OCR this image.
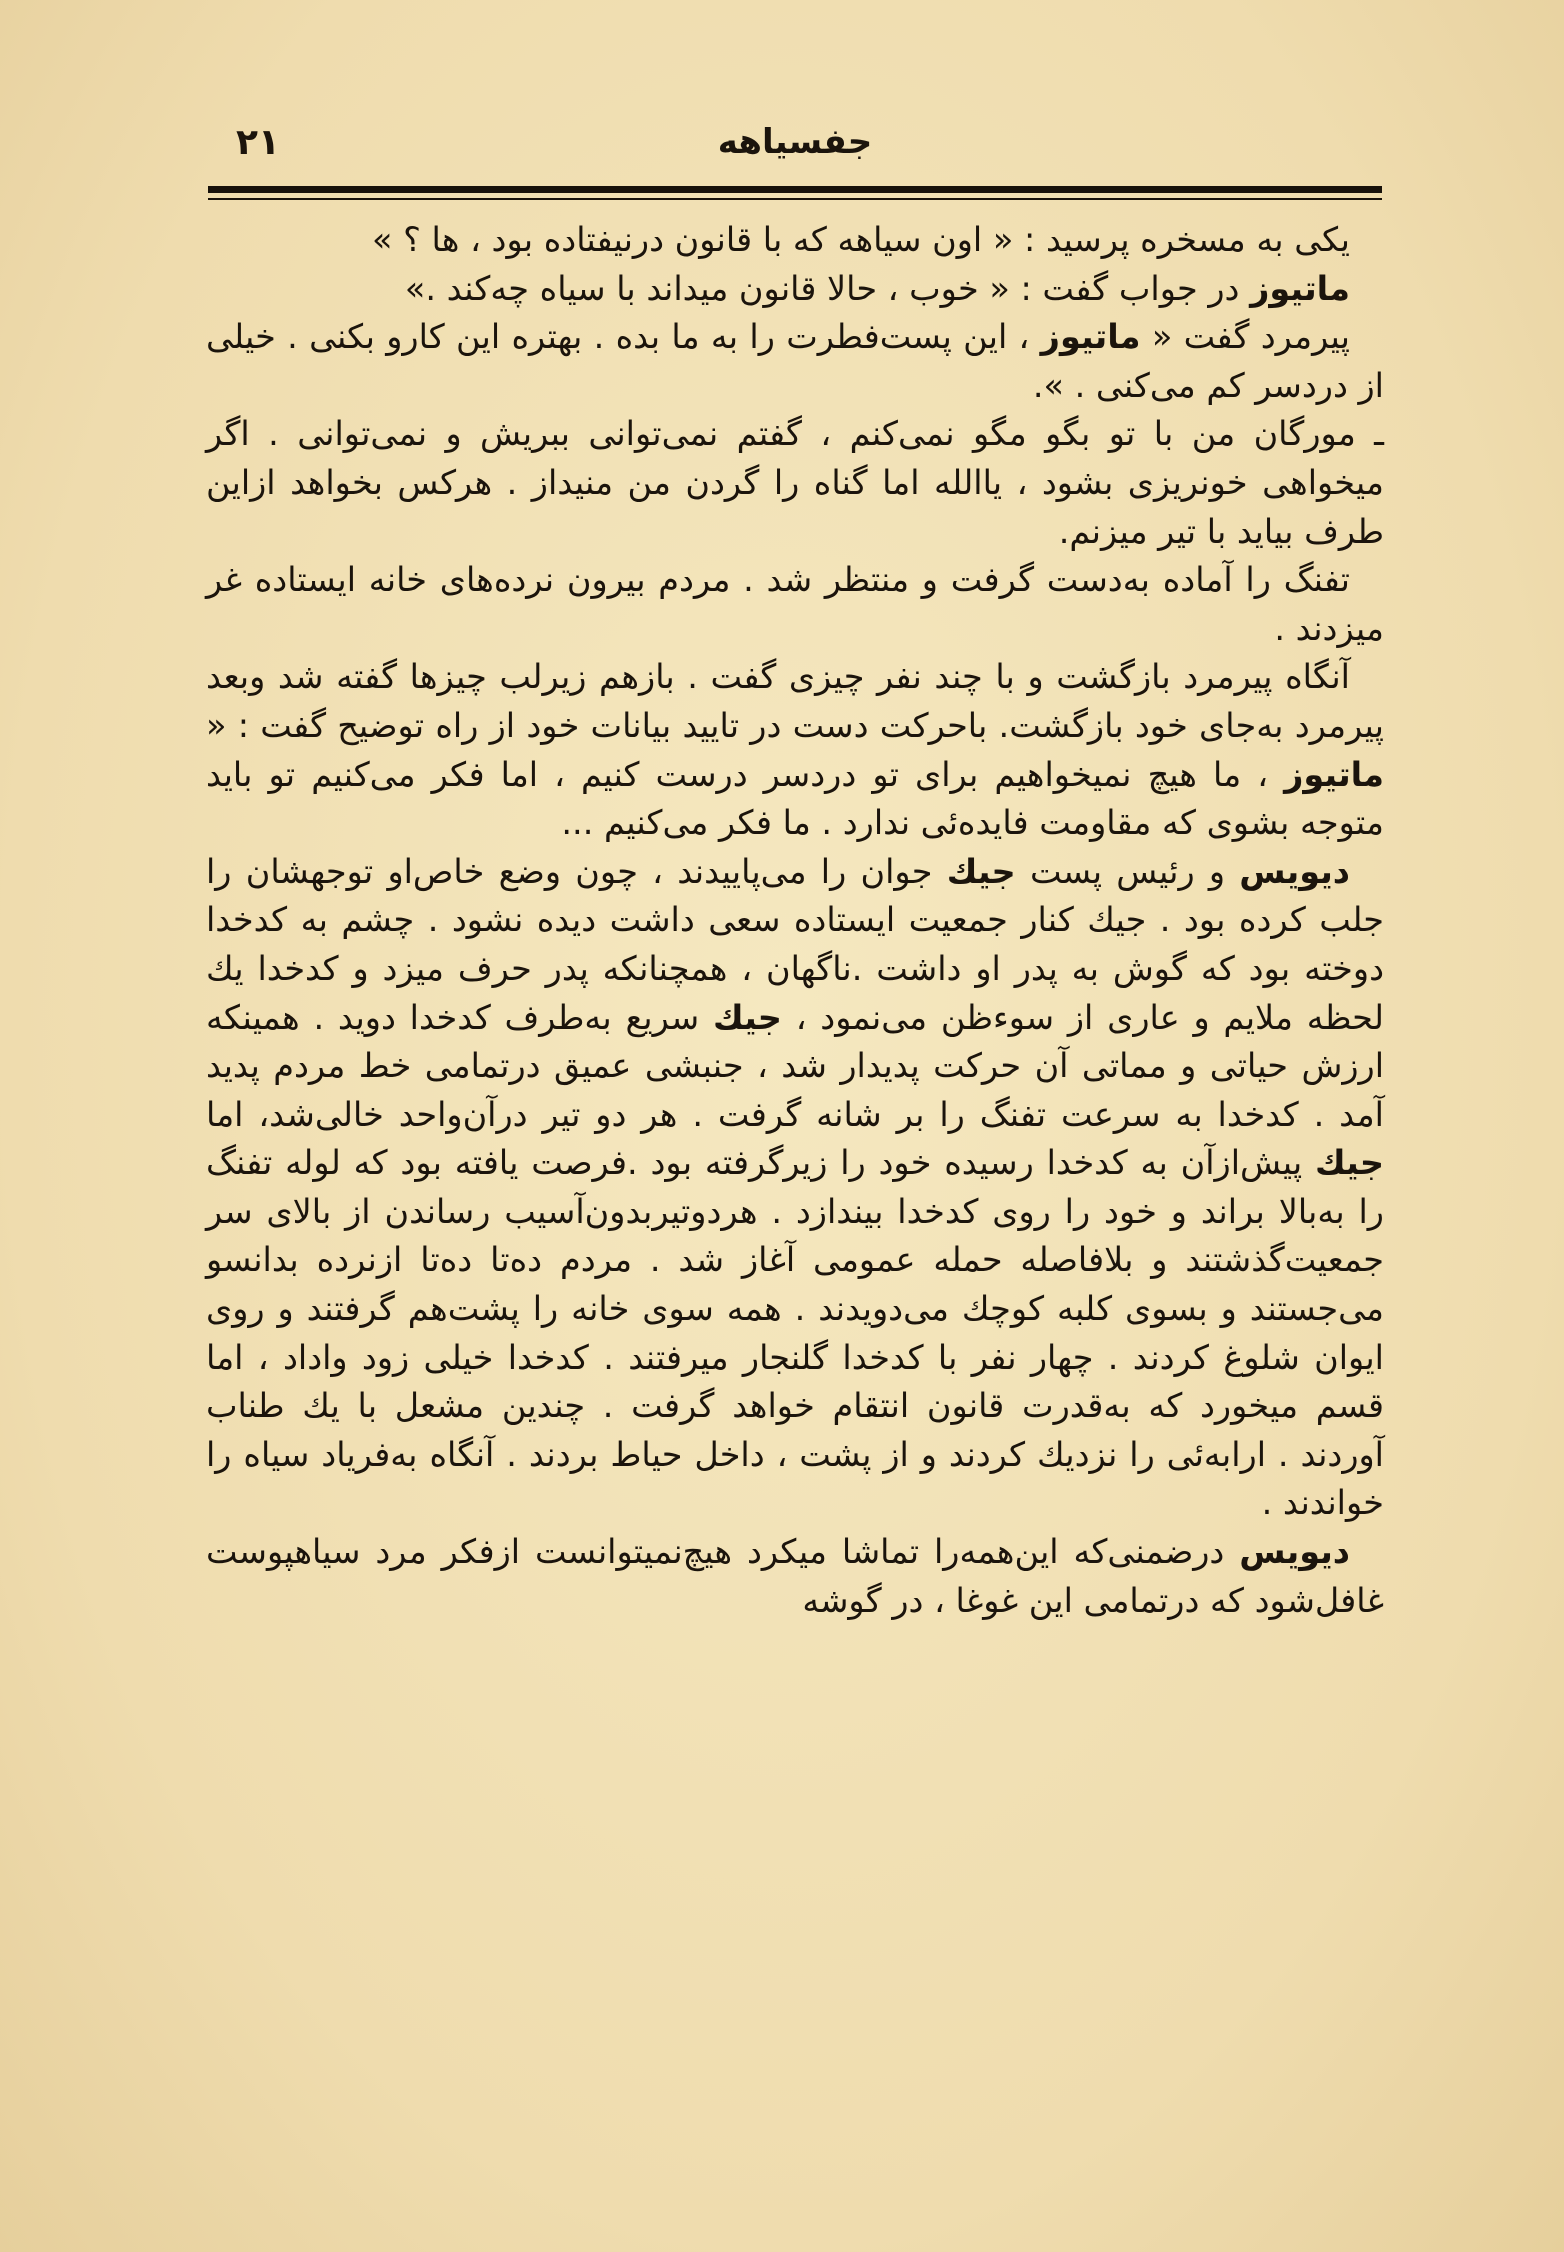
جفسیاهه
۲۱

یکی به مسخره پرسید : « اون سیاهه که با قانون درنیفتاده بود ، ها ؟ »

ماتیوز در جواب گفت : « خوب ، حالا قانون میداند با سیاه چه‌کند .»

پیرمرد گفت « ماتیوز ، این پست‌فطرت را به ما بده . بهتره این کارو بکنی . خیلی از دردسر کم می‌کنی . ».

ـ مورگان من با تو بگو مگو نمی‌کنم ، گفتم نمی‌توانی ببریش و نمی‌توانی . اگر میخواهی خونریزی بشود ، یاالله اما گناه را گردن من منیداز . هرکس بخواهد ازاین طرف بیاید با تیر میزنم.

تفنگ را آماده به‌دست گرفت و منتظر شد . مردم بیرون نرده‌های خانه ایستاده غر میزدند .

آنگاه پیرمرد بازگشت و با چند نفر چیزی گفت . بازهم زیرلب چیزها گفته شد وبعد پیرمرد به‌جای خود بازگشت. باحرکت دست در تایید بیانات خود از راه توضیح گفت : « ماتیوز ، ما هیچ نمیخواهیم برای تو دردسر درست کنیم ، اما فکر می‌کنیم تو باید متوجه بشوی که مقاومت فایده‌ئی ندارد . ما فکر می‌کنیم ...

دیویس و رئیس پست جیك جوان را می‌پاییدند ، چون وضع خاص‌او توجهشان را جلب کرده بود . جیك کنار جمعیت ایستاده سعی داشت دیده نشود . چشم به کدخدا دوخته بود که گوش به پدر او داشت .ناگهان ، همچنانکه پدر حرف میزد و کدخدا یك لحظه ملایم و عاری از سوءظن می‌نمود ، جیك سریع به‌طرف کدخدا دوید . همینکه ارزش حیاتی و مماتی آن حرکت پدیدار شد ، جنبشی عمیق درتمامی خط مردم پدید آمد . کدخدا به سرعت تفنگ را بر شانه گرفت . هر دو تیر درآن‌واحد خالی‌شد، اما جیك پیش‌ازآن به کدخدا رسیده خود را زیرگرفته بود .فرصت یافته بود که لوله تفنگ را به‌بالا براند و خود را روی کدخدا بیندازد . هردوتیربدون‌آسیب رساندن از بالای سر جمعیت‌گذشتند و بلافاصله حمله عمومی آغاز شد . مردم ده‌تا ده‌تا ازنرده بدانسو می‌جستند و بسوی کلبه کوچك می‌دویدند . همه سوی خانه را پشت‌هم گرفتند و روی ایوان شلوغ کردند . چهار نفر با کدخدا گلنجار میرفتند . کدخدا خیلی زود واداد ، اما قسم میخورد که به‌قدرت قانون انتقام خواهد گرفت . چندین مشعل با یك طناب آوردند . ارابه‌ئی را نزدیك کردند و از پشت ، داخل حیاط بردند . آنگاه به‌فریاد سیاه را خواندند .

دیویس درضمنی‌که این‌همه‌را تماشا میکرد هیچ‌نمیتوانست ازفکر مرد سیاهپوست غافل‌شود که درتمامی این غوغا ، در گوشه
